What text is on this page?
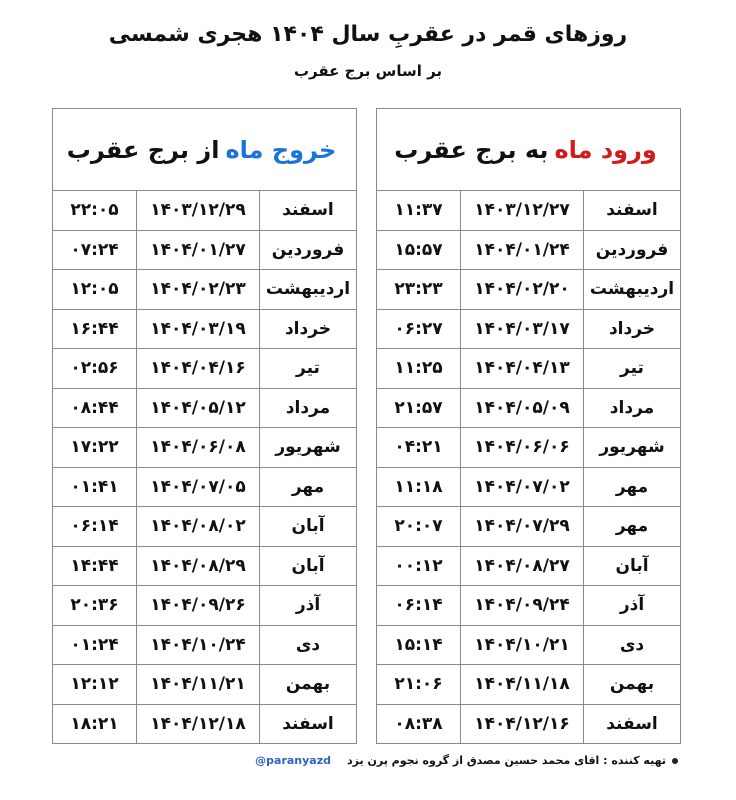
روزهای قمر در عقربِ سال ۱۴۰۴ هجری شمسی
بر اساس برج عقرب
ورود ماه
به برج عقرب
اسفند	۱۴۰۳/۱۲/۲۷	۱۱:۳۷
فروردین	۱۴۰۴/۰۱/۲۴	۱۵:۵۷
اردیبهشت	۱۴۰۴/۰۲/۲۰	۲۳:۲۳
خرداد	۱۴۰۴/۰۳/۱۷	۰۶:۲۷
تیر	۱۴۰۴/۰۴/۱۳	۱۱:۲۵
مرداد	۱۴۰۴/۰۵/۰۹	۲۱:۵۷
شهریور	۱۴۰۴/۰۶/۰۶	۰۴:۲۱
مهر	۱۴۰۴/۰۷/۰۲	۱۱:۱۸
مهر	۱۴۰۴/۰۷/۲۹	۲۰:۰۷
آبان	۱۴۰۴/۰۸/۲۷	۰۰:۱۲
آذر	۱۴۰۴/۰۹/۲۴	۰۶:۱۴
دی	۱۴۰۴/۱۰/۲۱	۱۵:۱۴
بهمن	۱۴۰۴/۱۱/۱۸	۲۱:۰۶
اسفند	۱۴۰۴/۱۲/۱۶	۰۸:۳۸
خروج ماه
از برج عقرب
اسفند	۱۴۰۳/۱۲/۲۹	۲۲:۰۵
فروردین	۱۴۰۴/۰۱/۲۷	۰۷:۲۴
اردیبهشت	۱۴۰۴/۰۲/۲۳	۱۲:۰۵
خرداد	۱۴۰۴/۰۳/۱۹	۱۶:۴۴
تیر	۱۴۰۴/۰۴/۱۶	۰۲:۵۶
مرداد	۱۴۰۴/۰۵/۱۲	۰۸:۴۴
شهریور	۱۴۰۴/۰۶/۰۸	۱۷:۲۲
مهر	۱۴۰۴/۰۷/۰۵	۰۱:۴۱
آبان	۱۴۰۴/۰۸/۰۲	۰۶:۱۴
آبان	۱۴۰۴/۰۸/۲۹	۱۴:۴۴
آذر	۱۴۰۴/۰۹/۲۶	۲۰:۳۶
دی	۱۴۰۴/۱۰/۲۴	۰۱:۲۴
بهمن	۱۴۰۴/۱۱/۲۱	۱۲:۱۲
اسفند	۱۴۰۴/۱۲/۱۸	۱۸:۲۱
تهیه کننده : اقای محمد حسین مصدق از گروه نجوم پرن یزد
@paranyazd
